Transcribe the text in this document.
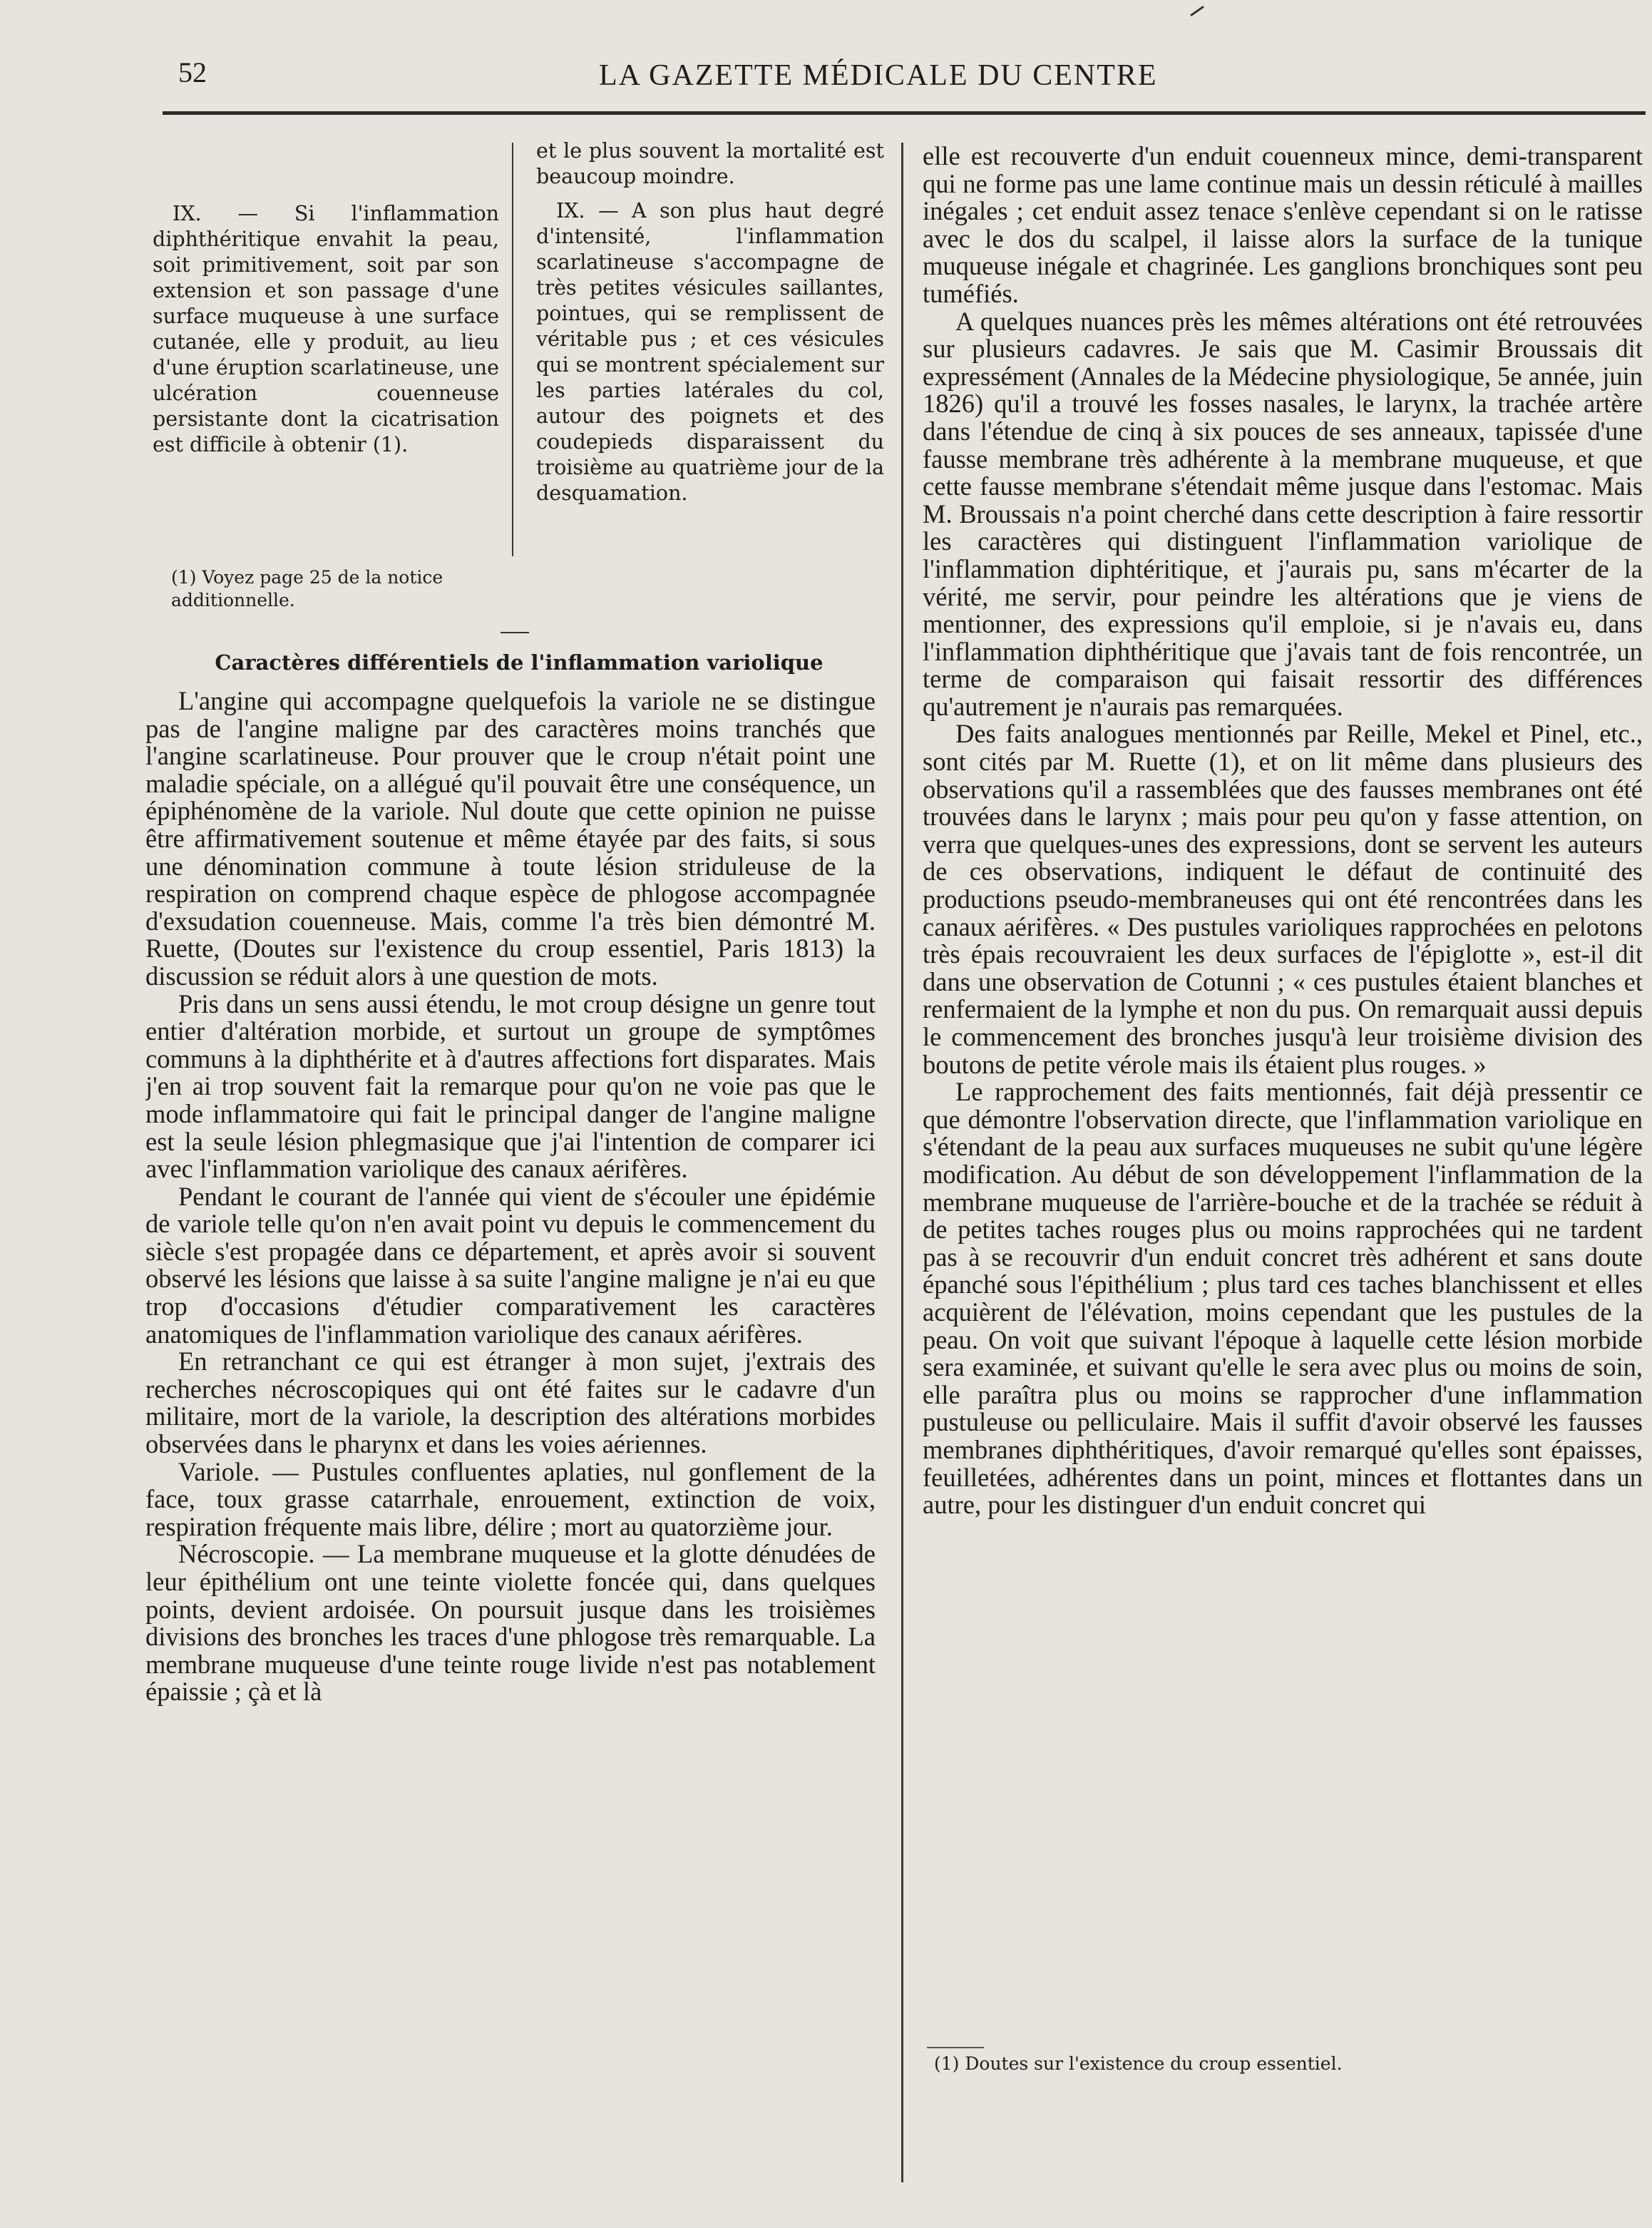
52	LA GAZETTE MÉDICALE DU CENTRE

IX. — Si l'inflammation diphthéritique envahit la peau, soit primitivement, soit par son extension et son passage d'une surface muqueuse à une surface cutanée, elle y produit, au lieu d'une éruption scarlatineuse, une ulcération couenneuse persistante dont la cicatrisation est difficile à obtenir (1).

(1) Voyez page 25 de la notice additionnelle.

et le plus souvent la mortalité est beaucoup moindre.

IX. — A son plus haut degré d'intensité, l'inflammation scarlatineuse s'accompagne de très petites vésicules saillantes, pointues, qui se remplissent de véritable pus ; et ces vésicules qui se montrent spécialement sur les parties latérales du col, autour des poignets et des coudepieds disparaissent du troisième au quatrième jour de la desquamation.

Caractères différentiels de l'inflammation variolique

L'angine qui accompagne quelquefois la variole ne se distingue pas de l'angine maligne par des caractères moins tranchés que l'angine scarlatineuse. Pour prouver que le croup n'était point une maladie spéciale, on a allégué qu'il pouvait être une conséquence, un épiphénomène de la variole. Nul doute que cette opinion ne puisse être affirmativement soutenue et même étayée par des faits, si sous une dénomination commune à toute lésion striduleuse de la respiration on comprend chaque espèce de phlogose accompagnée d'exsudation couenneuse. Mais, comme l'a très bien démontré M. Ruette, (Doutes sur l'existence du croup essentiel, Paris 1813) la discussion se réduit alors à une question de mots.

Pris dans un sens aussi étendu, le mot croup désigne un genre tout entier d'altération morbide, et surtout un groupe de symptômes communs à la diphthérite et à d'autres affections fort disparates. Mais j'en ai trop souvent fait la remarque pour qu'on ne voie pas que le mode inflammatoire qui fait le principal danger de l'angine maligne est la seule lésion phlegmasique que j'ai l'intention de comparer ici avec l'inflammation variolique des canaux aérifères.

Pendant le courant de l'année qui vient de s'écouler une épidémie de variole telle qu'on n'en avait point vu depuis le commencement du siècle s'est propagée dans ce département, et après avoir si souvent observé les lésions que laisse à sa suite l'angine maligne je n'ai eu que trop d'occasions d'étudier comparativement les caractères anatomiques de l'inflammation variolique des canaux aérifères.

En retranchant ce qui est étranger à mon sujet, j'extrais des recherches nécroscopiques qui ont été faites sur le cadavre d'un militaire, mort de la variole, la description des altérations morbides observées dans le pharynx et dans les voies aériennes.

Variole. — Pustules confluentes aplaties, nul gonflement de la face, toux grasse catarrhale, enrouement, extinction de voix, respiration fréquente mais libre, délire ; mort au quatorzième jour.

Nécroscopie. — La membrane muqueuse et la glotte dénudées de leur épithélium ont une teinte violette foncée qui, dans quelques points, devient ardoisée. On poursuit jusque dans les troisièmes divisions des bronches les traces d'une phlogose très remarquable. La membrane muqueuse d'une teinte rouge livide n'est pas notablement épaissie ; çà et là

elle est recouverte d'un enduit couenneux mince, demi-transparent qui ne forme pas une lame continue mais un dessin réticulé à mailles inégales ; cet enduit assez tenace s'enlève cependant si on le ratisse avec le dos du scalpel, il laisse alors la surface de la tunique muqueuse inégale et chagrinée. Les ganglions bronchiques sont peu tuméfiés.

A quelques nuances près les mêmes altérations ont été retrouvées sur plusieurs cadavres. Je sais que M. Casimir Broussais dit expressément (Annales de la Médecine physiologique, 5e année, juin 1826) qu'il a trouvé les fosses nasales, le larynx, la trachée artère dans l'étendue de cinq à six pouces de ses anneaux, tapissée d'une fausse membrane très adhérente à la membrane muqueuse, et que cette fausse membrane s'étendait même jusque dans l'estomac. Mais M. Broussais n'a point cherché dans cette description à faire ressortir les caractères qui distinguent l'inflammation variolique de l'inflammation diphtéritique, et j'aurais pu, sans m'écarter de la vérité, me servir, pour peindre les altérations que je viens de mentionner, des expressions qu'il emploie, si je n'avais eu, dans l'inflammation diphthéritique que j'avais tant de fois rencontrée, un terme de comparaison qui faisait ressortir des différences qu'autrement je n'aurais pas remarquées.

Des faits analogues mentionnés par Reille, Mekel et Pinel, etc., sont cités par M. Ruette (1), et on lit même dans plusieurs des observations qu'il a rassemblées que des fausses membranes ont été trouvées dans le larynx ; mais pour peu qu'on y fasse attention, on verra que quelques-unes des expressions, dont se servent les auteurs de ces observations, indiquent le défaut de continuité des productions pseudo-membraneuses qui ont été rencontrées dans les canaux aérifères. « Des pustules varioliques rapprochées en pelotons très épais recouvraient les deux surfaces de l'épiglotte », est-il dit dans une observation de Cotunni ; « ces pustules étaient blanches et renfermaient de la lymphe et non du pus. On remarquait aussi depuis le commencement des bronches jusqu'à leur troisième division des boutons de petite vérole mais ils étaient plus rouges. »

Le rapprochement des faits mentionnés, fait déjà pressentir ce que démontre l'observation directe, que l'inflammation variolique en s'étendant de la peau aux surfaces muqueuses ne subit qu'une légère modification. Au début de son développement l'inflammation de la membrane muqueuse de l'arrière-bouche et de la trachée se réduit à de petites taches rouges plus ou moins rapprochées qui ne tardent pas à se recouvrir d'un enduit concret très adhérent et sans doute épanché sous l'épithélium ; plus tard ces taches blanchissent et elles acquièrent de l'élévation, moins cependant que les pustules de la peau. On voit que suivant l'époque à laquelle cette lésion morbide sera examinée, et suivant qu'elle le sera avec plus ou moins de soin, elle paraîtra plus ou moins se rapprocher d'une inflammation pustuleuse ou pelliculaire. Mais il suffit d'avoir observé les fausses membranes diphthéritiques, d'avoir remarqué qu'elles sont épaisses, feuilletées, adhérentes dans un point, minces et flottantes dans un autre, pour les distinguer d'un enduit concret qui

(1) Doutes sur l'existence du croup essentiel.
